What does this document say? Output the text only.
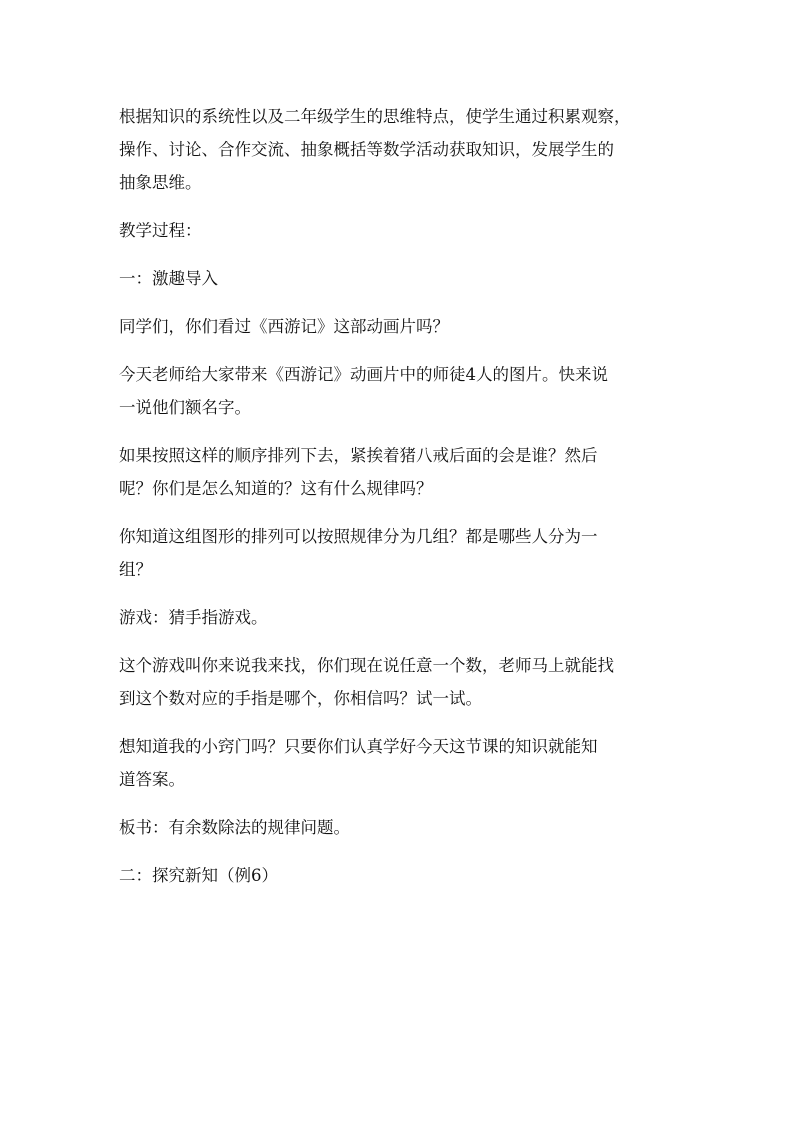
根据知识的系统性以及二年级学生的思维特点，使学生通过积累观察，
操作、讨论、合作交流、抽象概括等数学活动获取知识，发展学生的
抽象思维。

教学过程：

一：激趣导入

同学们，你们看过《西游记》这部动画片吗？

今天老师给大家带来《西游记》动画片中的师徒4人的图片。快来说
一说他们额名字。

如果按照这样的顺序排列下去，紧挨着猪八戒后面的会是谁？然后
呢？你们是怎么知道的？这有什么规律吗？

你知道这组图形的排列可以按照规律分为几组？都是哪些人分为一
组？

游戏：猜手指游戏。

这个游戏叫你来说我来找，你们现在说任意一个数，老师马上就能找
到这个数对应的手指是哪个，你相信吗？试一试。

想知道我的小窍门吗？只要你们认真学好今天这节课的知识就能知
道答案。

板书：有余数除法的规律问题。

二：探究新知（例6）
